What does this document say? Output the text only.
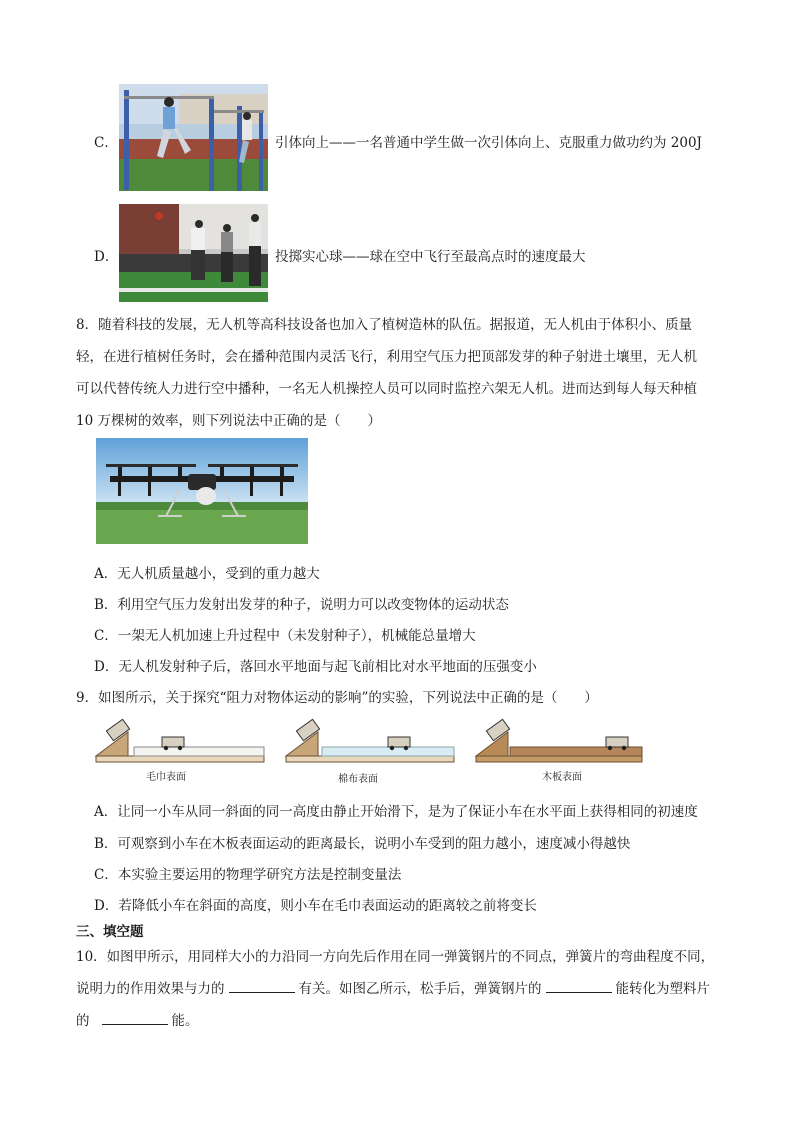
C．	引体向上——一名普通中学生做一次引体向上、克服重力做功约为 200J
D．	投掷实心球——球在空中飞行至最高点时的速度最大
8．随着科技的发展，无人机等高科技设备也加入了植树造林的队伍。据报道，无人机由于体积小、质量
轻，在进行植树任务时，会在播种范围内灵活飞行，利用空气压力把顶部发芽的种子射进土壤里，无人机
可以代替传统人力进行空中播种，一名无人机操控人员可以同时监控六架无人机。进而达到每人每天种植
10 万棵树的效率，则下列说法中正确的是（　　）
A．无人机质量越小，受到的重力越大
B．利用空气压力发射出发芽的种子，说明力可以改变物体的运动状态
C．一架无人机加速上升过程中（未发射种子），机械能总量增大
D．无人机发射种子后，落回水平地面与起飞前相比对水平地面的压强变小
9．如图所示，关于探究“阻力对物体运动的影响”的实验，下列说法中正确的是（　　）
毛巾表面	棉布表面	木板表面
A．让同一小车从同一斜面的同一高度由静止开始滑下，是为了保证小车在水平面上获得相同的初速度
B．可观察到小车在木板表面运动的距离最长，说明小车受到的阻力越小，速度减小得越快
C．本实验主要运用的物理学研究方法是控制变量法
D．若降低小车在斜面的高度，则小车在毛巾表面运动的距离较之前将变长
三、填空题
10．如图甲所示，用同样大小的力沿同一方向先后作用在同一弹簧钢片的不同点，弹簧片的弯曲程度不同，
说明力的作用效果与力的	有关。如图乙所示，松手后，弹簧钢片的	能转化为塑料片
的	能。
